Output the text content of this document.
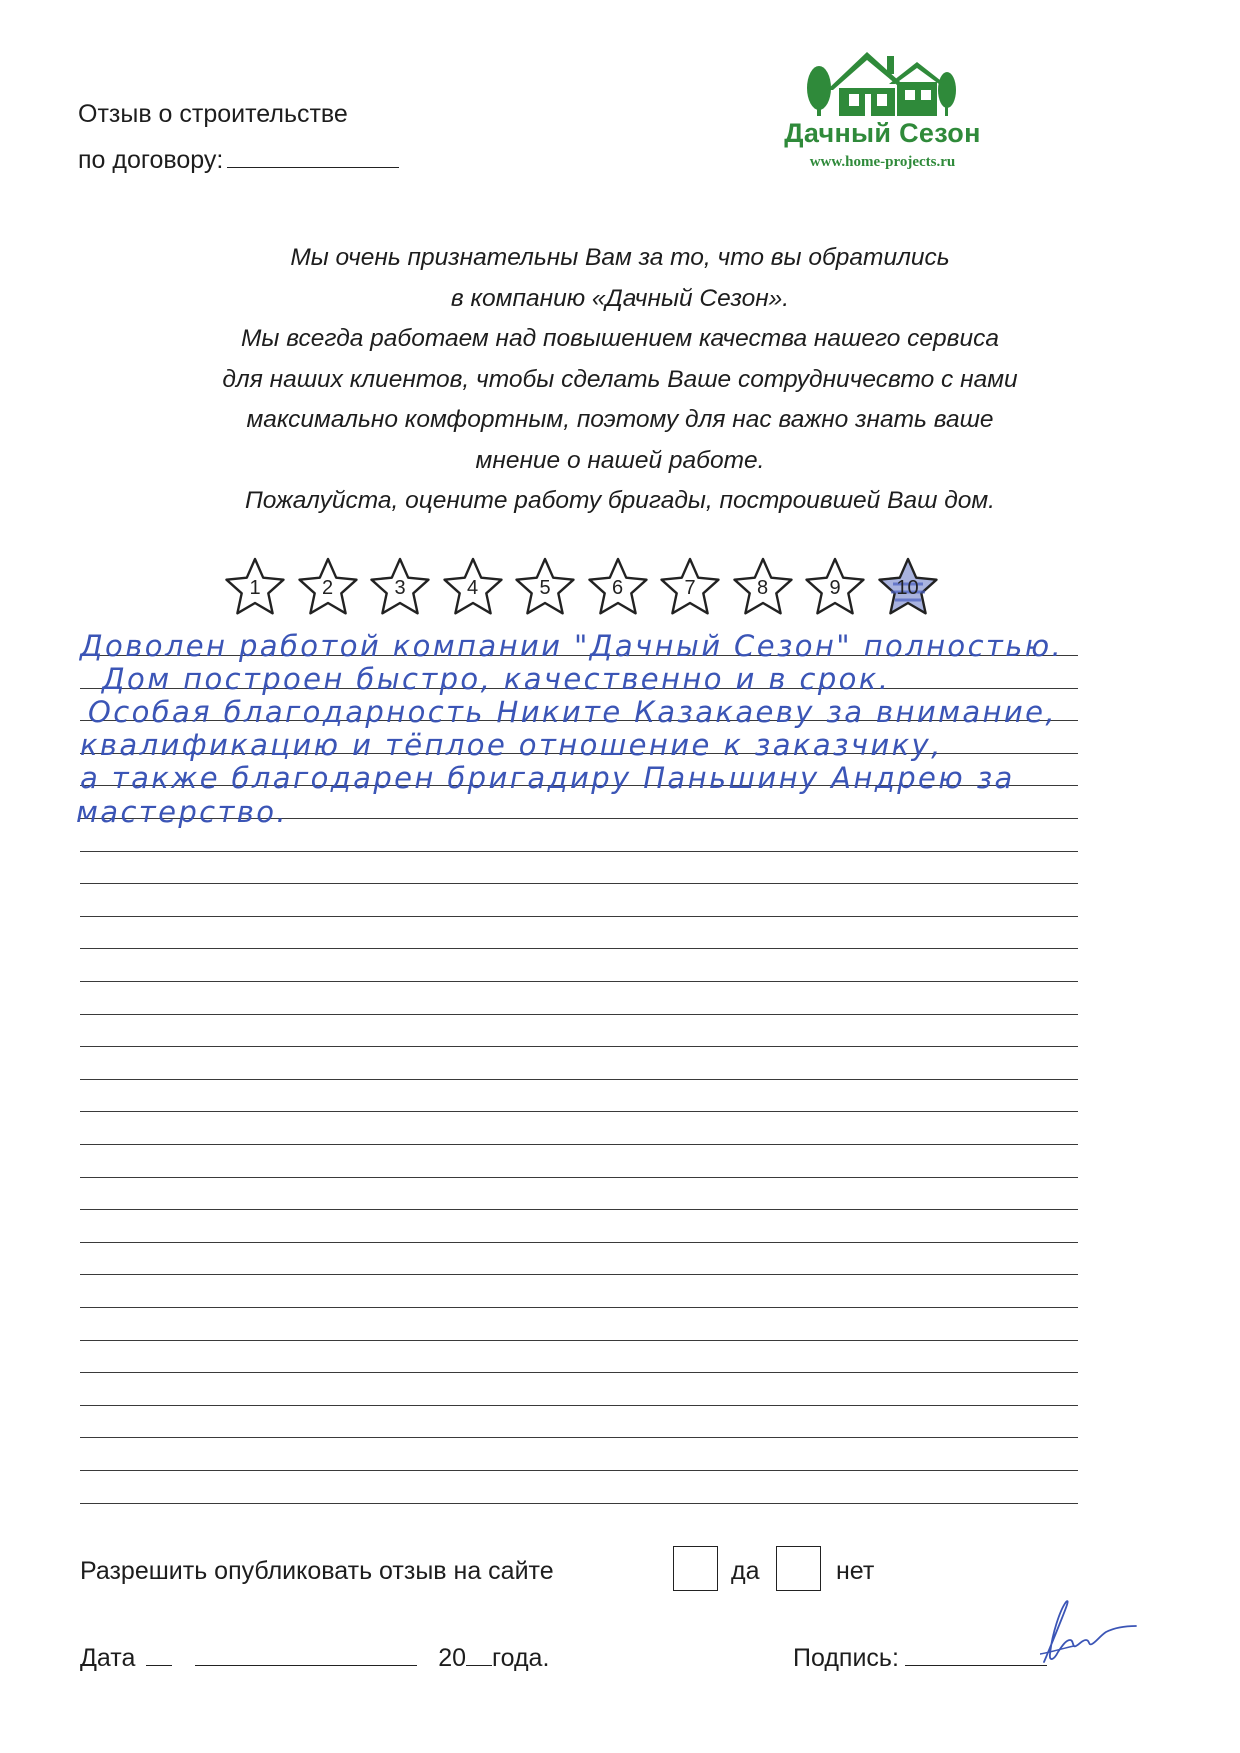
Отзыв о строительстве
по договору:
Дачный Сезон
www.home-projects.ru
Мы очень признательны Вам за то, что вы обратились
в компанию «Дачный Сезон».
Мы всегда работаем над повышением качества нашего сервиса
для наших клиентов, чтобы сделать Ваше сотрудничесвто с нами
максимально комфортным, поэтому для нас важно знать ваше
мнение о нашей работе.
Пожалуйста, оцените работу бригады, построившей Ваш дом.
1	2	3	4	5	6	7	8	9	10
Доволен работой компании "Дачный Сезон" полностью.
Дом построен быстро, качественно и в срок.
Особая благодарность Никите Казакаеву за внимание,
квалификацию и тёплое отношение к заказчику,
а также благодарен бригадиру Паньшину Андрею за
мастерство.
Разрешить опубликовать отзыв на сайте	да	нет
Дата	20 года.	Подпись:
